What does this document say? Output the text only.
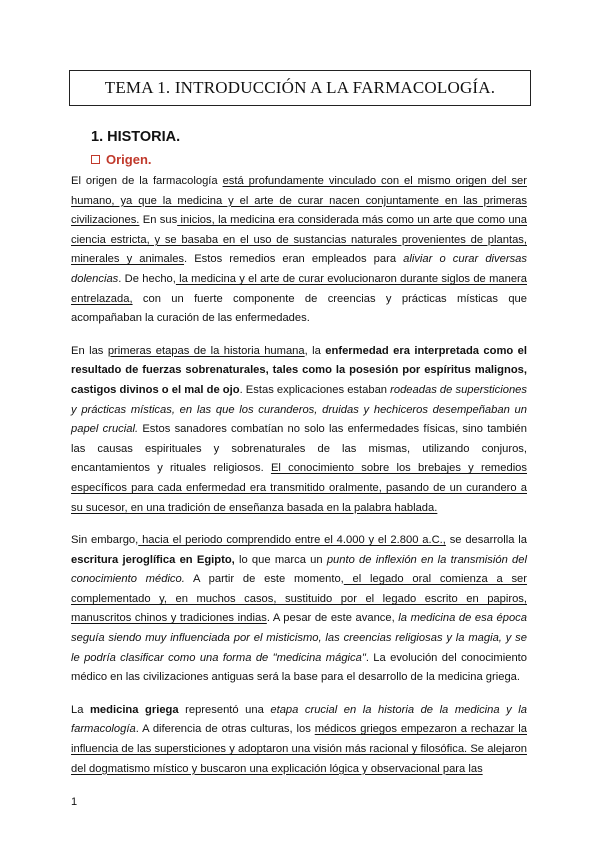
TEMA 1. INTRODUCCIÓN A LA FARMACOLOGÍA.
1. HISTORIA.
Origen.

El origen de la farmacología está profundamente vinculado con el mismo origen del ser humano, ya que la medicina y el arte de curar nacen conjuntamente en las primeras civilizaciones. En sus inicios, la medicina era considerada más como un arte que como una ciencia estricta, y se basaba en el uso de sustancias naturales provenientes de plantas, minerales y animales. Estos remedios eran empleados para aliviar o curar diversas dolencias. De hecho, la medicina y el arte de curar evolucionaron durante siglos de manera entrelazada, con un fuerte componente de creencias y prácticas místicas que acompañaban la curación de las enfermedades.

En las primeras etapas de la historia humana, la enfermedad era interpretada como el resultado de fuerzas sobrenaturales, tales como la posesión por espíritus malignos, castigos divinos o el mal de ojo. Estas explicaciones estaban rodeadas de supersticiones y prácticas místicas, en las que los curanderos, druidas y hechiceros desempeñaban un papel crucial. Estos sanadores combatían no solo las enfermedades físicas, sino también las causas espirituales y sobrenaturales de las mismas, utilizando conjuros, encantamientos y rituales religiosos. El conocimiento sobre los brebajes y remedios específicos para cada enfermedad era transmitido oralmente, pasando de un curandero a su sucesor, en una tradición de enseñanza basada en la palabra hablada.

Sin embargo, hacia el periodo comprendido entre el 4.000 y el 2.800 a.C., se desarrolla la escritura jeroglífica en Egipto, lo que marca un punto de inflexión en la transmisión del conocimiento médico. A partir de este momento, el legado oral comienza a ser complementado y, en muchos casos, sustituido por el legado escrito en papiros, manuscritos chinos y tradiciones indias. A pesar de este avance, la medicina de esa época seguía siendo muy influenciada por el misticismo, las creencias religiosas y la magia, y se le podría clasificar como una forma de "medicina mágica". La evolución del conocimiento médico en las civilizaciones antiguas será la base para el desarrollo de la medicina griega.

La medicina griega representó una etapa crucial en la historia de la medicina y la farmacología. A diferencia de otras culturas, los médicos griegos empezaron a rechazar la influencia de las supersticiones y adoptaron una visión más racional y filosófica. Se alejaron del dogmatismo místico y buscaron una explicación lógica y observacional para las

1
